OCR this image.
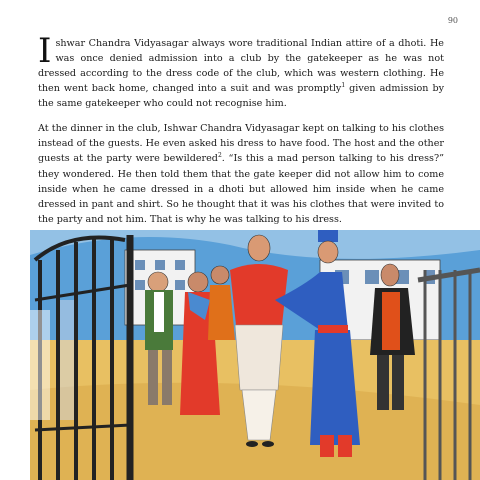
90

Ishwar Chandra Vidyasagar always wore traditional Indian attire of a dhoti. He was once denied admission into a club by the gatekeeper as he was not dressed according to the dress code of the club, which was western clothing. He then went back home, changed into a suit and was promptly$^1$ given admission by the same gatekeeper who could not recognise him.

At the dinner in the club, Ishwar Chandra Vidyasagar kept on talking to his clothes instead of the guests. He even asked his dress to have food. The host and the other guests at the party were bewildered$^2$. “Is this a mad person talking to his dress?” they wondered. He then told them that the gate keeper did not allow him to come inside when he came dressed in a dhoti but allowed him inside when he came dressed in pant and shirt. So he thought that it was his clothes that were invited to the party and not him. That is why he was talking to his dress.
